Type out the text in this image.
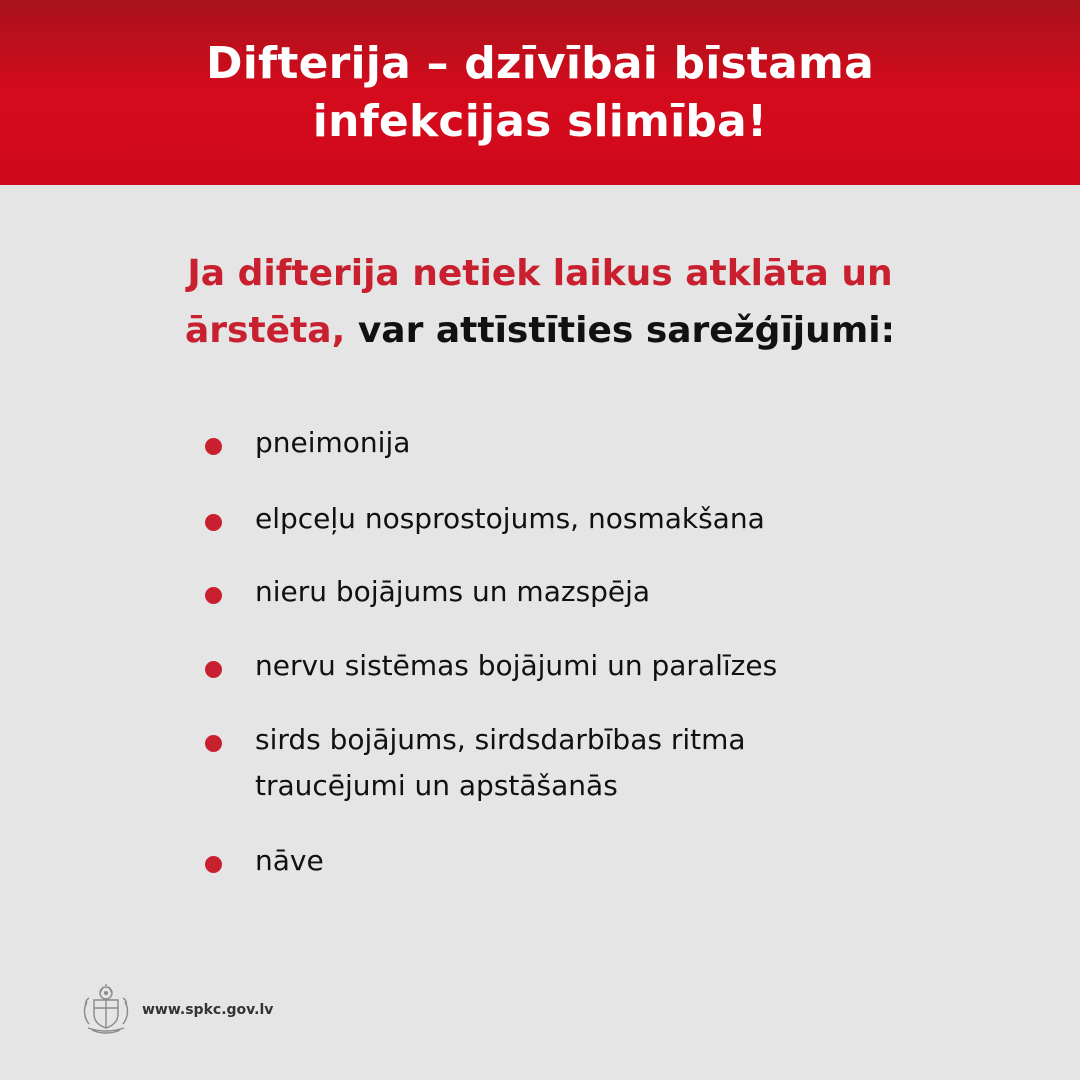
Difterija – dzīvībai bīstama
infekcijas slimība!
Ja difterija netiek laikus atklāta un
ārstēta, var attīstīties sarežģījumi:
pneimonija
elpceļu nosprostojums, nosmakšana
nieru bojājums un mazspēja
nervu sistēmas bojājumi un paralīzes
sirds bojājums, sirdsdarbības ritma
traucējumi un apstāšanās
nāve
www.spkc.gov.lv
